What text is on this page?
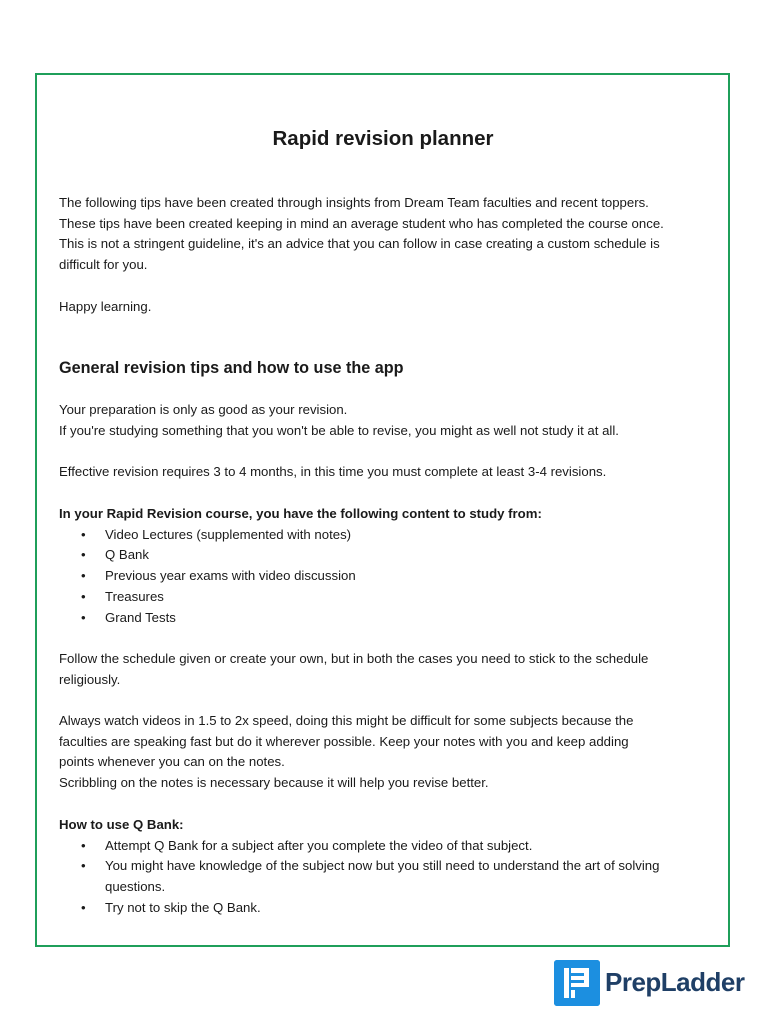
Rapid revision planner

The following tips have been created through insights from Dream Team faculties and recent toppers.

These tips have been created keeping in mind an average student who has completed the course once.

This is not a stringent guideline, it's an advice that you can follow in case creating a custom schedule is

difficult for you.

Happy learning.

General revision tips and how to use the app

Your preparation is only as good as your revision.

If you're studying something that you won't be able to revise, you might as well not study it at all.

Effective revision requires 3 to 4 months, in this time you must complete at least 3-4 revisions.

In your Rapid Revision course, you have the following content to study from:

• Video Lectures (supplemented with notes)
• Q Bank
• Previous year exams with video discussion
• Treasures
• Grand Tests

Follow the schedule given or create your own, but in both the cases you need to stick to the schedule

religiously.

Always watch videos in 1.5 to 2x speed, doing this might be difficult for some subjects because the

faculties are speaking fast but do it wherever possible. Keep your notes with you and keep adding

points whenever you can on the notes.

Scribbling on the notes is necessary because it will help you revise better.

How to use Q Bank:

• Attempt Q Bank for a subject after you complete the video of that subject.
• You might have knowledge of the subject now but you still need to understand the art of solving questions.
• Try not to skip the Q Bank.
PrepLadder
